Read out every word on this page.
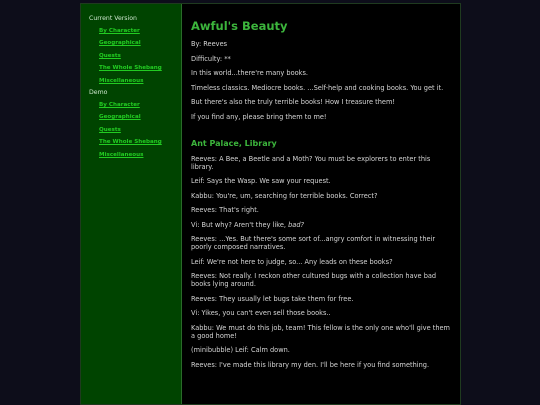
Current Version
By Character
Geographical
Quests
The Whole Shebang
Miscellaneous
Demo
By Character
Geographical
Quests
The Whole Shebang
Miscellaneous
Awful's Beauty

By: Reeves

Difficulty: **

In this world...there're many books.

Timeless classics. Mediocre books. ...Self-help and cooking books. You get it.

But there's also the truly terrible books! How I treasure them!

If you find any, please bring them to me!

Ant Palace, Library

Reeves: A Bee, a Beetle and a Moth? You must be explorers to enter this library.

Leif: Says the Wasp. We saw your request.

Kabbu: You're, um, searching for terrible books. Correct?

Reeves: That's right.

Vi: But why? Aren't they like, bad?

Reeves: ...Yes. But there's some sort of...angry comfort in witnessing their poorly composed narratives.

Leif: We're not here to judge, so... Any leads on these books?

Reeves: Not really. I reckon other cultured bugs with a collection have bad books lying around.

Reeves: They usually let bugs take them for free.

Vi: Yikes, you can't even sell those books..

Kabbu: We must do this job, team! This fellow is the only one who'll give them a good home!

(minibubble) Leif: Calm down.

Reeves: I've made this library my den. I'll be here if you find something.
